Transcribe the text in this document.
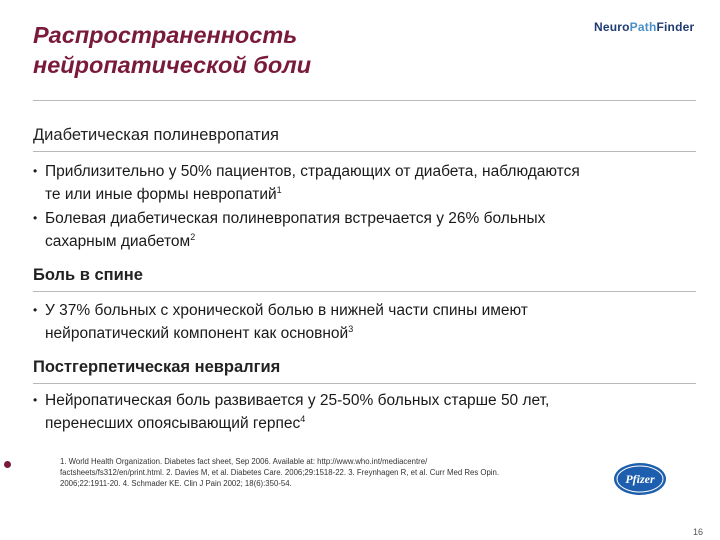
Распространенность нейропатической боли
NeuroPathFinder
Диабетическая полиневропатия
• Приблизительно у 50% пациентов, страдающих от диабета, наблюдаются
те или иные формы невропатий$^1$
• Болевая диабетическая полиневропатия встречается у 26% больных
сахарным диабетом$^2$
Боль в спине
• У 37% больных с хронической болью в нижней части спины имеют
нейропатический компонент как основной$^3$
Постгерпетическая невралгия
• Нейропатическая боль развивается у 25-50% больных старше 50 лет,
перенесших опоясывающий герпес$^4$
1. World Health Organization. Diabetes fact sheet, Sep 2006. Available at: http://www.who.int/mediacentre/
factsheets/fs312/en/print.html. 2. Davies M, et al. Diabetes Care. 2006;29:1518-22. 3. Freynhagen R, et al. Curr Med Res Opin.
2006;22:1911-20. 4. Schmader KE. Clin J Pain 2002; 18(6):350-54.	Pfizer
16
